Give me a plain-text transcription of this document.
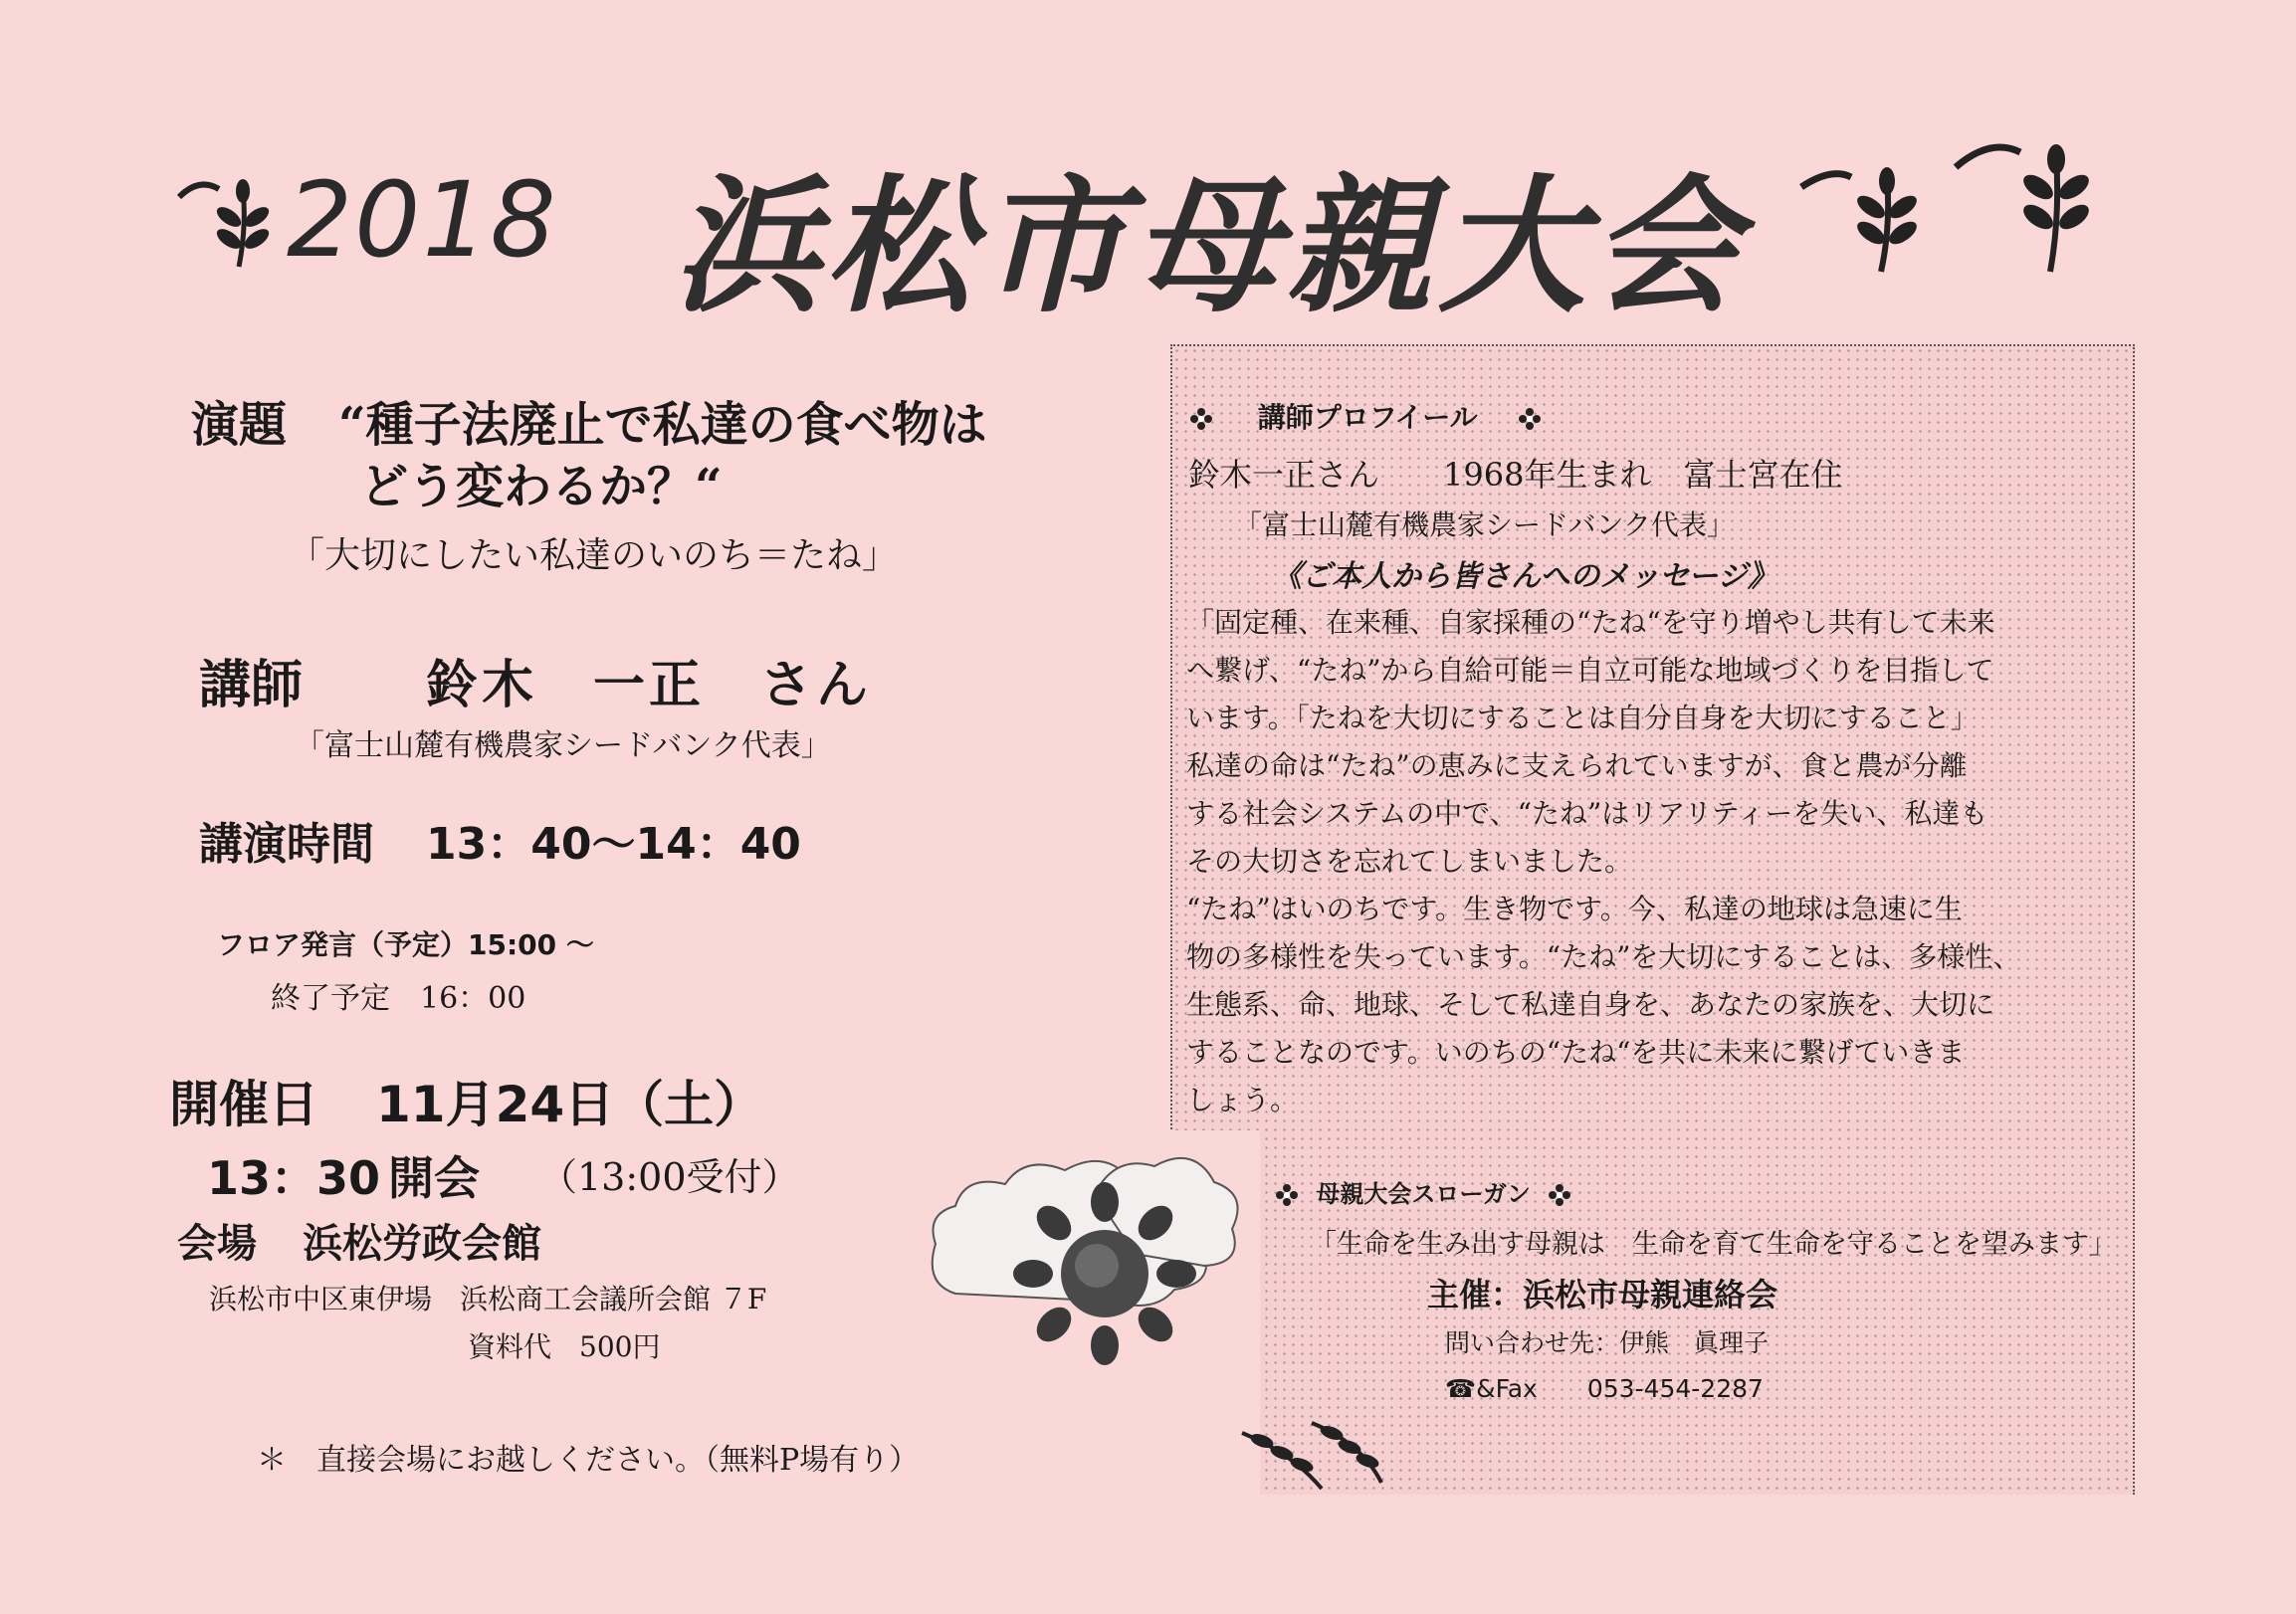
2018 浜松市母親大会
演題 “種子法廃止で私達の食べ物は
どう変わるか？“
「大切にしたい私達のいのち＝たね」
講師 鈴木　一正　さん
「富士山麓有機農家シードバンク代表」
講演時間 13：40〜14：40
フロア発言（予定）15:00 〜
終了予定　16：00
開催日 11月24日（土）
13：30 開会 （13:00受付）
会場 浜松労政会館
浜松市中区東伊場　浜松商工会議所会館 ７F
資料代　500円
＊　直接会場にお越しください。（無料P場有り）
講師プロフイール
鈴木一正さん　　1968年生まれ　富士宮在住
「富士山麓有機農家シードバンク代表」
《ご本人から皆さんへのメッセージ》
「固定種、在来種、自家採種の“たね“を守り増やし共有して未来
へ繋げ、“たね”から自給可能＝自立可能な地域づくりを目指して
います。「たねを大切にすることは自分自身を大切にすること」
私達の命は“たね”の恵みに支えられていますが、食と農が分離
する社会システムの中で、“たね”はリアリティーを失い、私達も
その大切さを忘れてしまいました。
“たね”はいのちです。生き物です。今、私達の地球は急速に生
物の多様性を失っています。“たね”を大切にすることは、多様性、
生態系、命、地球、そして私達自身を、あなたの家族を、大切に
することなのです。いのちの“たね“を共に未来に繋げていきま
しょう。
母親大会スローガン
「生命を生み出す母親は　生命を育て生命を守ることを望みます」
主催：浜松市母親連絡会
問い合わせ先：伊熊　眞理子
☎&Fax　　053-454-2287
